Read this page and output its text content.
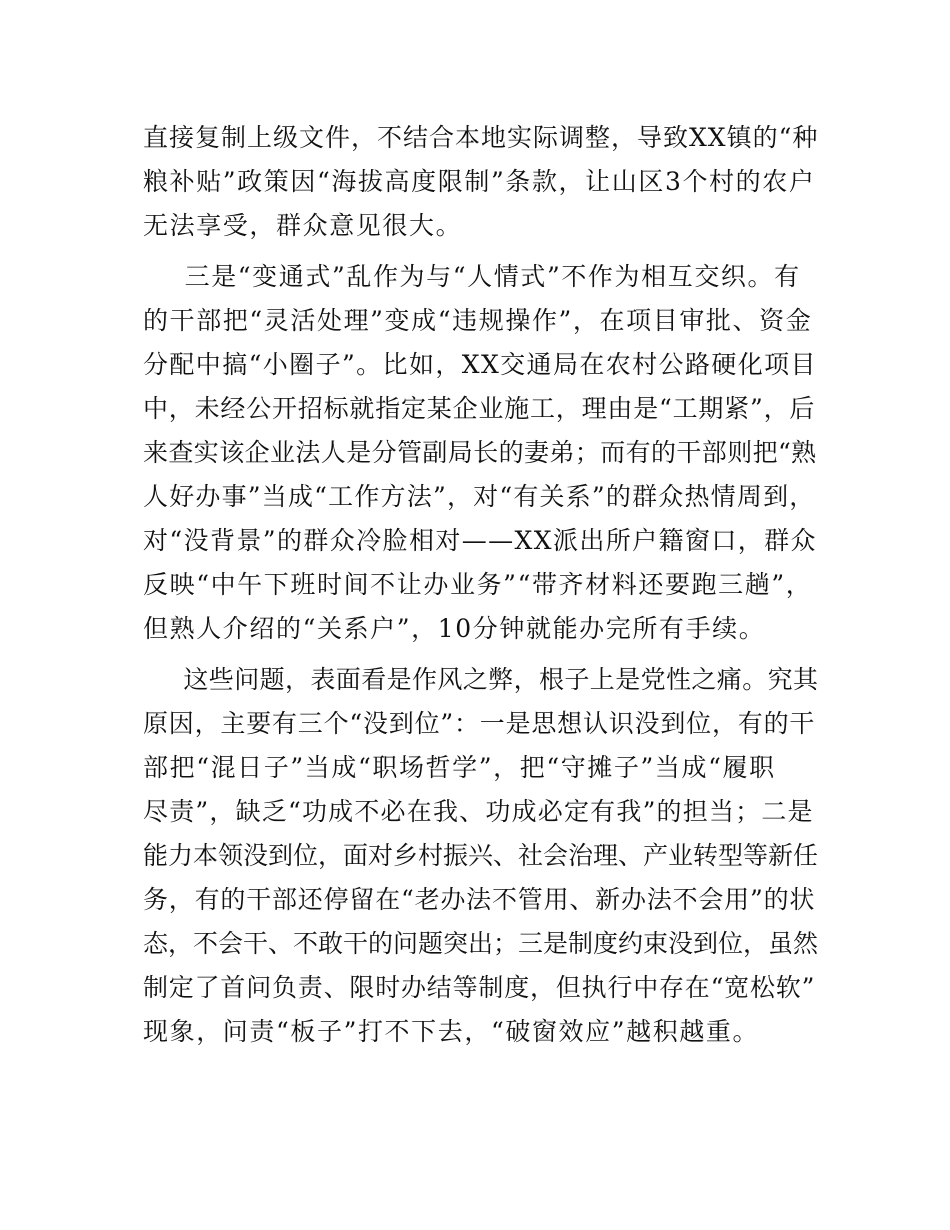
直接复制上级文件，不结合本地实际调整，导致XX镇的“种
粮补贴”政策因“海拔高度限制”条款，让山区3个村的农户
无法享受，群众意见很大。
　三是“变通式”乱作为与“人情式”不作为相互交织。有
的干部把“灵活处理”变成“违规操作”，在项目审批、资金
分配中搞“小圈子”。比如，XX交通局在农村公路硬化项目
中，未经公开招标就指定某企业施工，理由是“工期紧”，后
来查实该企业法人是分管副局长的妻弟；而有的干部则把“熟
人好办事”当成“工作方法”，对“有关系”的群众热情周到，
对“没背景”的群众冷脸相对——XX派出所户籍窗口，群众
反映“中午下班时间不让办业务”“带齐材料还要跑三趟”，
但熟人介绍的“关系户”，10分钟就能办完所有手续。
　这些问题，表面看是作风之弊，根子上是党性之痛。究其
原因，主要有三个“没到位”：一是思想认识没到位，有的干
部把“混日子”当成“职场哲学”，把“守摊子”当成“履职
尽责”，缺乏“功成不必在我、功成必定有我”的担当；二是
能力本领没到位，面对乡村振兴、社会治理、产业转型等新任
务，有的干部还停留在“老办法不管用、新办法不会用”的状
态，不会干、不敢干的问题突出；三是制度约束没到位，虽然
制定了首问负责、限时办结等制度，但执行中存在“宽松软”
现象，问责“板子”打不下去，“破窗效应”越积越重。
